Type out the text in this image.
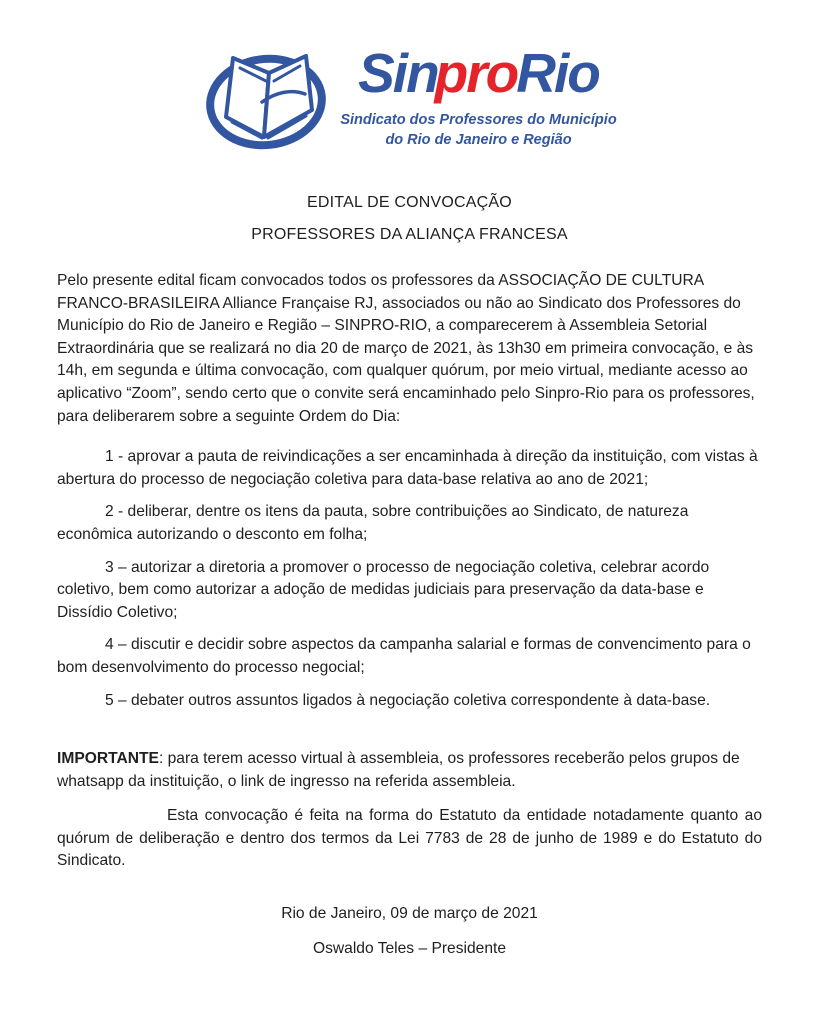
SinproRio
Sindicato dos Professores do Município
do Rio de Janeiro e Região
EDITAL DE CONVOCAÇÃO
PROFESSORES DA ALIANÇA FRANCESA

Pelo presente edital ficam convocados todos os professores da ASSOCIAÇÃO DE CULTURA FRANCO-BRASILEIRA Alliance Française RJ, associados ou não ao Sindicato dos Professores do Município do Rio de Janeiro e Região – SINPRO-RIO, a comparecerem à Assembleia Setorial Extraordinária que se realizará no dia 20 de março de 2021, às 13h30 em primeira convocação, e às 14h, em segunda e última convocação, com qualquer quórum, por meio virtual, mediante acesso ao aplicativo “Zoom”, sendo certo que o convite será encaminhado pelo Sinpro-Rio para os professores, para deliberarem sobre a seguinte Ordem do Dia:

1 - aprovar a pauta de reivindicações a ser encaminhada à direção da instituição, com vistas à abertura do processo de negociação coletiva para data-base relativa ao ano de 2021;

2 - deliberar, dentre os itens da pauta, sobre contribuições ao Sindicato, de natureza econômica autorizando o desconto em folha;

3 – autorizar a diretoria a promover o processo de negociação coletiva, celebrar acordo coletivo, bem como autorizar a adoção de medidas judiciais para preservação da data-base e Dissídio Coletivo;

4 – discutir e decidir sobre aspectos da campanha salarial e formas de convencimento para o bom desenvolvimento do processo negocial;

5 – debater outros assuntos ligados à negociação coletiva correspondente à data-base.

IMPORTANTE: para terem acesso virtual à assembleia, os professores receberão pelos grupos de whatsapp da instituição, o link de ingresso na referida assembleia.

Esta convocação é feita na forma do Estatuto da entidade notadamente quanto ao quórum de deliberação e dentro dos termos da Lei 7783 de 28 de junho de 1989 e do Estatuto do Sindicato.

Rio de Janeiro, 09 de março de 2021

Oswaldo Teles – Presidente
